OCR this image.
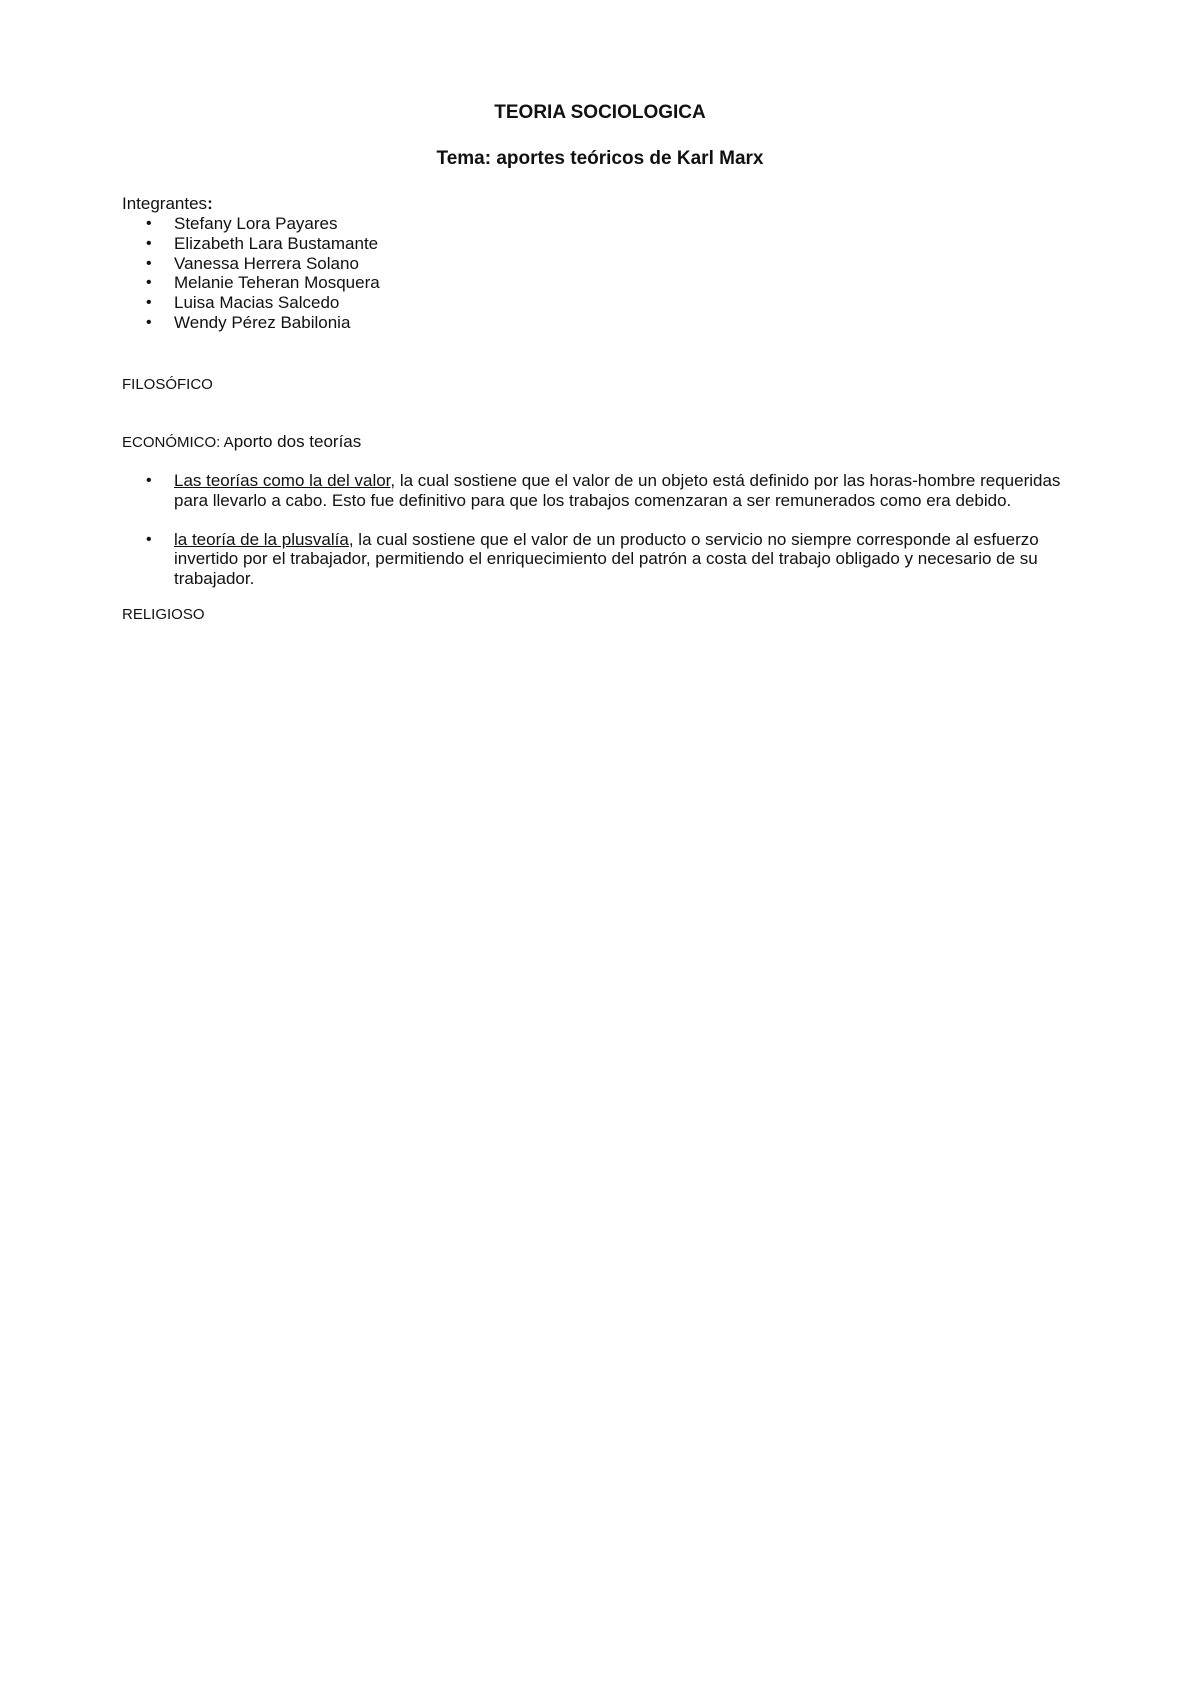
TEORIA SOCIOLOGICA
Tema: aportes teóricos de Karl Marx
Integrantes:
• Stefany Lora Payares
• Elizabeth Lara Bustamante
• Vanessa Herrera Solano
• Melanie Teheran Mosquera
• Luisa Macias Salcedo
• Wendy Pérez Babilonia
FILOSÓFICO
ECONÓMICO: Aporto dos teorías
• Las teorías como la del valor, la cual sostiene que el valor de un objeto está definido por las horas-hombre requeridas para llevarlo a cabo. Esto fue definitivo para que los trabajos comenzaran a ser remunerados como era debido.
• la teoría de la plusvalía, la cual sostiene que el valor de un producto o servicio no siempre corresponde al esfuerzo invertido por el trabajador, permitiendo el enriquecimiento del patrón a costa del trabajo obligado y necesario de su trabajador.
RELIGIOSO
